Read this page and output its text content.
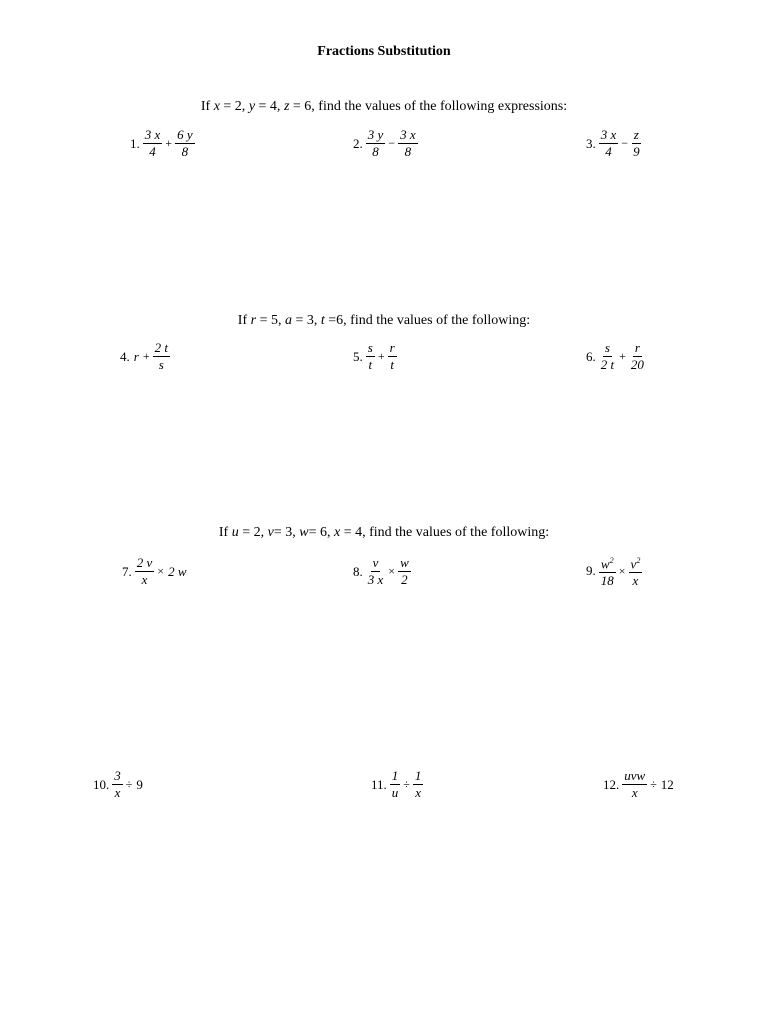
Fractions Substitution
If x = 2, y = 4, z = 6, find the values of the following expressions:
1. $\frac{3 x}{4} + \frac{6 y}{8}$	2. $\frac{3 y}{8} - \frac{3 x}{8}$	3. $\frac{3 x}{4} - \frac{z}{9}$
If r = 5, a = 3, t =6, find the values of the following:
4. $r + \frac{2 t}{s}$	5. $\frac{s}{t} + \frac{r}{t}$	6. $\frac{s}{2 t} + \frac{r}{20}$
If u = 2, v= 3, w= 6, x = 4, find the values of the following:
7. $\frac{2 v}{x} \times 2$ w	8. $\frac{v}{3 x} \times \frac{w}{2}$	9. $\frac{w^2}{18} \times \frac{v^2}{x}$
10. $\frac{3}{x} \div 9$	11. $\frac{1}{u} \div \frac{1}{x}$	12. $\frac{\text{uvw}}{x} \div 12$
